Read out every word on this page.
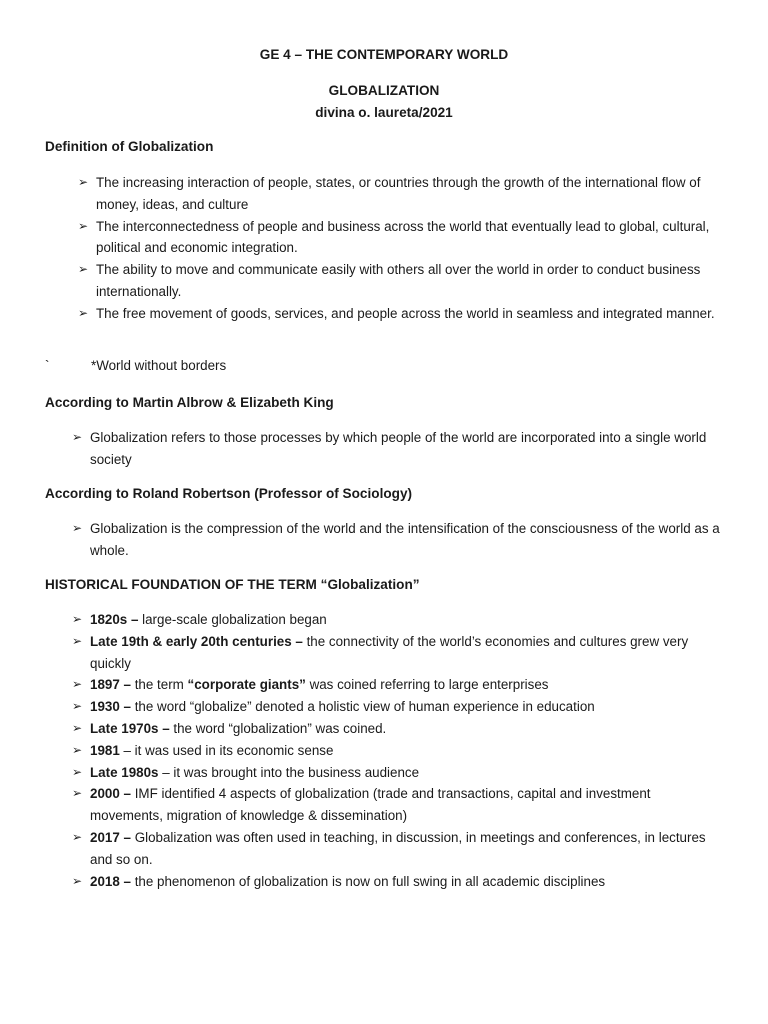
GE 4 – THE CONTEMPORARY WORLD
GLOBALIZATION
divina o. laureta/2021
Definition of Globalization
➢ The increasing interaction of people, states, or countries through the growth of the international flow of money, ideas, and culture
➢ The interconnectedness of people and business across the world that eventually lead to global, cultural, political and economic integration.
➢ The ability to move and communicate easily with others all over the world in order to conduct business internationally.
➢ The free movement of goods, services, and people across the world in seamless and integrated manner.
`	*World without borders
According to Martin Albrow & Elizabeth King
➢ Globalization refers to those processes by which people of the world are incorporated into a single world society
According to Roland Robertson (Professor of Sociology)
➢ Globalization is the compression of the world and the intensification of the consciousness of the world as a whole.
HISTORICAL FOUNDATION OF THE TERM “Globalization”
➢ 1820s – large-scale globalization began
➢ Late 19th & early 20th centuries – the connectivity of the world’s economies and cultures grew very quickly
➢ 1897 – the term “corporate giants” was coined referring to large enterprises
➢ 1930 – the word “globalize” denoted a holistic view of human experience in education
➢ Late 1970s – the word “globalization” was coined.
➢ 1981 – it was used in its economic sense
➢ Late 1980s – it was brought into the business audience
➢ 2000 – IMF identified 4 aspects of globalization (trade and transactions, capital and investment movements, migration of knowledge & dissemination)
➢ 2017 – Globalization was often used in teaching, in discussion, in meetings and conferences, in lectures and so on.
➢ 2018 – the phenomenon of globalization is now on full swing in all academic disciplines
